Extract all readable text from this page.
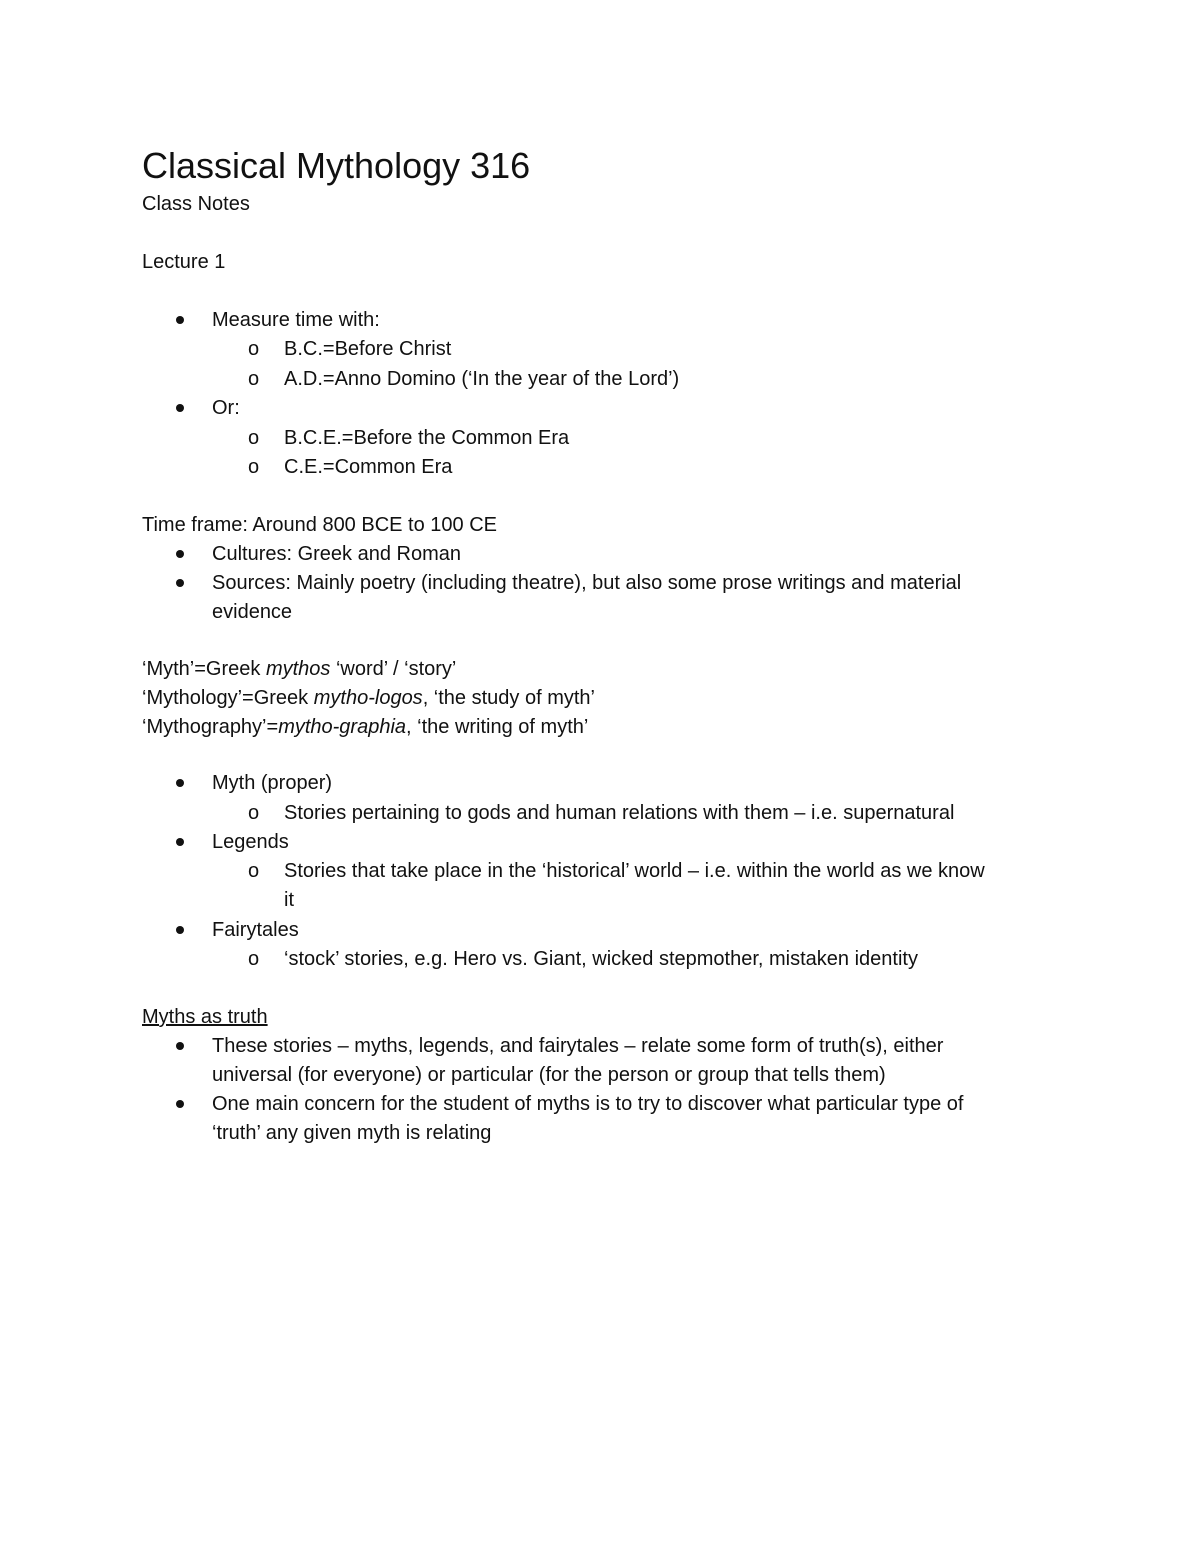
Classical Mythology 316
Class Notes
Lecture 1
Measure time with:
o B.C.=Before Christ
o A.D.=Anno Domino (‘In the year of the Lord’)
Or:
o B.C.E.=Before the Common Era
o C.E.=Common Era
Time frame: Around 800 BCE to 100 CE
Cultures: Greek and Roman
Sources: Mainly poetry (including theatre), but also some prose writings and material
evidence
‘Myth’=Greek mythos ‘word’ / ‘story’
‘Mythology’=Greek mytho-logos, ‘the study of myth’
‘Mythography’=mytho-graphia, ‘the writing of myth’
Myth (proper)
o Stories pertaining to gods and human relations with them – i.e. supernatural
Legends
o Stories that take place in the ‘historical’ world – i.e. within the world as we know
it
Fairytales
o ‘stock’ stories, e.g. Hero vs. Giant, wicked stepmother, mistaken identity
Myths as truth
These stories – myths, legends, and fairytales – relate some form of truth(s), either
universal (for everyone) or particular (for the person or group that tells them)
One main concern for the student of myths is to try to discover what particular type of
‘truth’ any given myth is relating
